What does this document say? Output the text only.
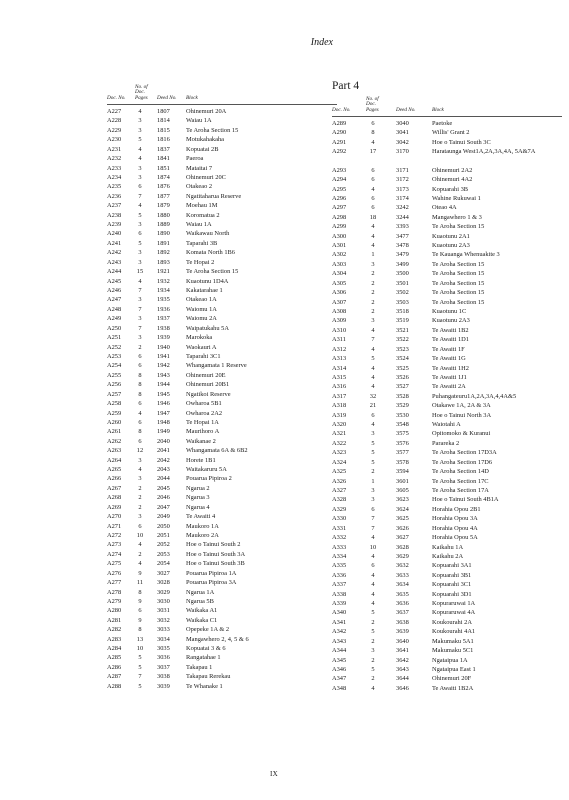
Index
Doc. No.
No. of Doc. Pages	Deed No. Block
A227	4	1807	Ohinemuri 20A
A228	3	1814	Waiau 1A
A229	3	1815	Te Aroha Section 15
A230	5	1816	Motukahakaha
A231	4	1837	Kopuatai 2B
A232	4	1841	Paeroa
A233	3	1851	Mataitai 7
A234	3	1874	Ohinemuri 20C
A235	6	1876	Otakeao 2
A236	7	1877	Ngatitaharua Reserve
A237	4	1879	Moehau 1M
A238	5	1880	Koromatua 2
A239	3	1889	Waiau 1A
A240	6	1890	Waikawau North
A241	5	1891	Taparahi 3B
A242	3	1892	Komata North 1B6
A243	3	1893	Te Hopai 2
A244 15 1921	Te Aroha Section 15
A245	4	1932	Kuaotunu 1D4A
A246	7	1934	Kakatarahae 1
A247	3	1935	Otakeao 1A
A248	7	1936	Waiomu 1A
A249	3	1937	Waiomu 2A
A250	7	1938	Waipatukahu 5A
A251	3	1939	Marokoka
A252	2	1940	Waokauri A
A253	6	1941	Taparahi 3C1
A254	6	1942	Whangamata 1 Reserve
A255	8	1943	Ohinemuri 20E
A256	8	1944	Ohinemuri 20B1
A257	8	1945	Ngatikoi Reserve
A258	6	1946	Owharoa 5B1
A259	4	1947	Owharoa 2A2
A260	6	1948	Te Hopai 1A
A261	8	1949	Maurihoro A
A262	6	2040	Waikanae 2
A263 12 2041	Whangamata 6A & 6B2
A264	3	2042	Horete 1B1
A265	4	2043	Waitakaruru 5A
A266	3	2044	Pouarua Pipiroa 2
A267	2	2045	Ngarua 2
A268	2	2046	Ngarua 3
A269	2	2047	Ngarua 4
A270	3	2049	Te Awaiti 4
A271	6	2050	Maukoro 1A
A272 10 2051	Maukoro 2A
A273	4	2052	Hoe o Tainui South 2
A274	2	2053	Hoe o Tainui South 3A
A275	4	2054	Hoe o Tainui South 3B
A276	9	3027	Pouarua Pipiroa 1A
A277	11	3028	Pouarua Pipiroa 3A
A278	8	3029	Ngarua 1A
A279	9	3030	Ngarua 5B
A280	6	3031	Waikaka A1
A281	9	3032	Waikaka C1
A282	8	3033	Opepeke 1A & 2
A283 13 3034	Mangawhero 2, 4, 5 & 6
A284 10 3035	Kopuatai 3 & 6
A285	5	3036	Rangatahae 1
A286	5	3037	Takapau 1
A287	7	3038	Takapau Rerekau
A288	5	3039	Te Whanake 1
Part 4
Doc. No.
No. of Doc. Pages	Deed No.	Block
A289	6	3040	Paetoke
A290	8	3041	Willis' Grant 2
A291	4	3042	Hoe o Tainui South 3C
A292	17	3170	Harataunga West1A,2A,3A,4A, 5A&7A
A293	6	3171	Ohinemuri 2A2
A294	6	3172	Ohinemuri 4A2
A295	4	3173	Kopuarahi 3B
A296	6	3174	Wahine Rukuwai 1
A297	6	3242	Oteao 4A
A298	18	3244	Mangawhero 1 & 3
A299	4	3393	Te Aroha Section 15
A300	4	3477	Kuaotunu 2A1
A301	4	3478	Kuaotunu 2A3
A302	1	3479	Te Kauanga Whenuakite 3
A303	3	3499	Te Aroha Section 15
A304	2	3500	Te Aroha Section 15
A305	2	3501	Te Aroha Section 15
A306	2	3502	Te Aroha Section 15
A307	2	3503	Te Aroha Section 15
A308	2	3518	Kuaotunu 1C
A309	3	3519	Kuaotunu 2A3
A310	4	3521	Te Awaiti 1B2
A311	7	3522	Te Awaiti 1D1
A312	4	3523	Te Awaiti 1F
A313	5	3524	Te Awaiti 1G
A314	4	3525	Te Awaiti 1H2
A315	4	3526	Te Awaiti 1J1
A316	4	3527	Te Awaiti 2A
A317	32	3528	Puhangateuru1A,2A,3A,4,4A&5
A318	21	3529	Otakawe 1A, 2A & 3A
A319	6	3530	Hoe o Tainui North 3A
A320	4	3548	Waiotahi A
A321	3	3575	Opitomoko & Kuranui
A322	5	3576	Parareka 2
A323	5	3577	Te Aroha Section 17D3A
A324	5	3578	Te Aroha Section 17D6
A325	2	3594	Te Aroha Section 14D
A326	1	3601	Te Aroha Section 17C
A327	3	3605	Te Aroha Section 17A
A328	3	3623	Hoe o Tainui South 4B1A
A329	6	3624	Horahia Opou 2B1
A330	7	3625	Horahia Opou 3A
A331	7	3626	Horahia Opou 4A
A332	4	3627	Horahia Opou 5A
A333	10	3628	Kaikahu 1A
A334	4	3629	Kaikahu 2A
A335	6	3632	Kopuarahi 3A1
A336	4	3633	Kopuarahi 3B1
A337	4	3634	Kopuarahi 3C1
A338	4	3635	Kopuarahi 3D1
A339	4	3636	Kopuraruwai 1A
A340	5	3637	Kopuraruwai 4A
A341	2	3638	Koukourahi 2A
A342	5	3639	Koukourahi 4A1
A343	2	3640	Makumaku 5A1
A344	3	3641	Makumaku 5C1
A345	2	3642	Ngataipua 1A
A346	5	3643	Ngataipua East 1
A347	2	3644	Ohinemuri 20F
A348	4	3646	Te Awaiti 1B2A
IX
